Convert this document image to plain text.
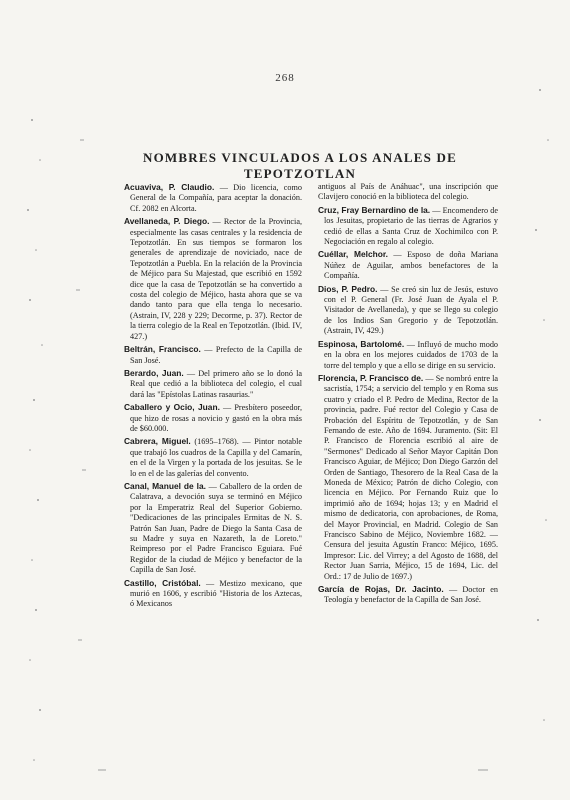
268
NOMBRES VINCULADOS A LOS ANALES DE TEPOTZOTLAN

Acuaviva, P. Claudio. — Dio licencia, como General de la Compañía, para aceptar la donación. Cf. 2082 en Alcorta.

Avellaneda, P. Diego. — Rector de la Provincia, especialmente las casas centrales y la residencia de Tepotzotlán. En sus tiempos se formaron los generales de aprendizaje de noviciado, nace de Tepotzotlán a Puebla. En la relación de la Provincia de Méjico para Su Majestad, que escribió en 1592 dice que la casa de Tepotzotlán se ha convertido a costa del colegio de Méjico, hasta ahora que se va dando tanto para que ella tenga lo necesario. (Astrain, IV, 228 y 229; Decorme, p. 37). Rector de la tierra colegio de la Real en Tepotzotlán. (Ibid. IV, 427.)

Beltrán, Francisco. — Prefecto de la Capilla de San José.

Berardo, Juan. — Del primero año se lo donó la Real que cedió a la biblioteca del colegio, el cual dará las "Epístolas Latinas rasaurias."

Caballero y Ocio, Juan. — Presbítero poseedor, que hizo de rosas a novicio y gastó en la obra más de $60.000.

Cabrera, Miguel. (1695–1768). — Pintor notable que trabajó los cuadros de la Capilla y del Camarín, en el de la Virgen y la portada de los jesuitas. Se le lo en el de las galerías del convento.

Canal, Manuel de la. — Caballero de la orden de Calatrava, a devoción suya se terminó en Méjico por la Emperatriz Real del Superior Gobierno. "Dedicaciones de las principales Ermitas de N. S. Patrón San Juan, Padre de Diego la Santa Casa de su Madre y suya en Nazareth, la de Loreto." Reimpreso por el Padre Francisco Eguiara. Fué Regidor de la ciudad de Méjico y benefactor de la Capilla de San José.

Castillo, Cristóbal. — Mestizo mexicano, que murió en 1606, y escribió "Historia de los Aztecas, ó Mexicanos

antiguos al País de Anáhuac", una inscripción que Clavijero conoció en la biblioteca del colegio.

Cruz, Fray Bernardino de la. — Encomendero de los Jesuitas, propietario de las tierras de Agrarios y cedió de ellas a Santa Cruz de Xochimilco con P. Negociación en regalo al colegio.

Cuéllar, Melchor. — Esposo de doña Mariana Núñez de Aguilar, ambos benefactores de la Compañía.

Dios, P. Pedro. — Se creó sin luz de Jesús, estuvo con el P. General (Fr. José Juan de Ayala el P. Visitador de Avellaneda), y que se llego su colegio de los Indios San Gregorio y de Tepotzotlán. (Astrain, IV, 429.)

Espinosa, Bartolomé. — Influyó de mucho modo en la obra en los mejores cuidados de 1703 de la torre del templo y que a ello se dirige en su servicio.

Florencia, P. Francisco de. — Se nombró entre la sacristía, 1754; a servicio del templo y en Roma sus cuatro y criado el P. Pedro de Medina, Rector de la provincia, padre. Fué rector del Colegio y Casa de Probación del Espíritu de Tepotzotlán, y de San Fernando de este. Año de 1694. Juramento. (Sit: El P. Francisco de Florencia escribió al aire de "Sermones" Dedicado al Señor Mayor Capitán Don Francisco Aguiar, de Méjico; Don Diego Garzón del Orden de Santiago, Thesorero de la Real Casa de la Moneda de México; Patrón de dicho Colegio, con licencia en Méjico. Por Fernando Ruiz que lo imprimió año de 1694; hojas 13; y en Madrid el mismo de dedicatoria, con aprobaciones, de Roma, del Mayor Provincial, en Madrid. Colegio de San Francisco Sabino de Méjico, Noviembre 1682. — Censura del jesuita Agustín Franco: Méjico, 1695. Impresor: Lic. del Virrey; a del Agosto de 1688, del Rector Juan Sarria, Méjico, 15 de 1694, Lic. del Ord.: 17 de Julio de 1697.)

García de Rojas, Dr. Jacinto. — Doctor en Teología y benefactor de la Capilla de San José.
